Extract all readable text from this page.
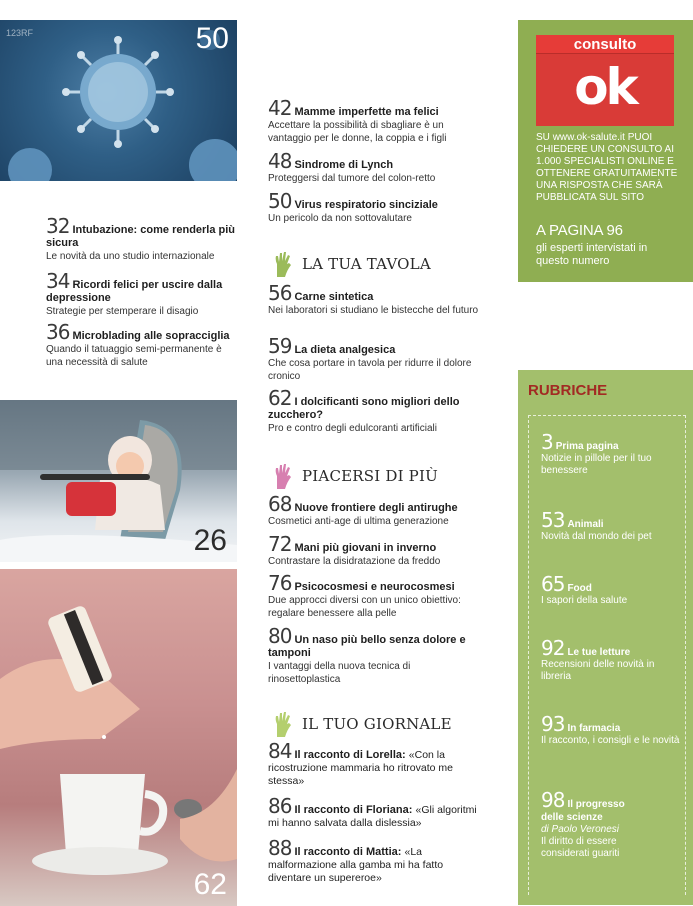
123RF	50
26
62
32 Intubazione: come renderla più sicura
Le novità da uno studio internazionale
34 Ricordi felici per uscire dalla depressione
Strategie per stemperare il disagio
36 Microblading alle sopracciglia
Quando il tatuaggio semi-permanente è una necessità di salute
42 Mamme imperfette ma felici
Accettare la possibilità di sbagliare è un vantaggio per le donne, la coppia e i figli
48 Sindrome di Lynch
Proteggersi dal tumore del colon-retto
50 Virus respiratorio sinciziale
Un pericolo da non sottovalutare
LA TUA TAVOLA
56 Carne sintetica
Nei laboratori si studiano le bistecche del futuro
59 La dieta analgesica
Che cosa portare in tavola per ridurre il dolore cronico
62 I dolcificanti sono migliori dello zucchero?
Pro e contro degli edulcoranti artificiali
PIACERSI DI PIÙ
68 Nuove frontiere degli antirughe
Cosmetici anti-age di ultima generazione
72 Mani più giovani in inverno
Contrastare la disidratazione da freddo
76 Psicocosmesi e neurocosmesi
Due approcci diversi con un unico obiettivo: regalare benessere alla pelle
80 Un naso più bello senza dolore e tamponi
I vantaggi della nuova tecnica di rinosettoplastica
IL TUO GIORNALE
84 Il racconto di Lorella: «Con la ricostruzione mammaria ho ritrovato me stessa»
86 Il racconto di Floriana: «Gli algoritmi mi hanno salvata dalla dislessia»
88 Il racconto di Mattia: «La malformazione alla gamba mi ha fatto diventare un supereroe»
consulto
ok
SU www.ok-salute.it PUOI CHIEDERE UN CONSULTO AI 1.000 SPECIALISTI ONLINE E OTTENERE GRATUITAMENTE UNA RISPOSTA CHE SARÀ PUBBLICATA SUL SITO
A PAGINA 96
gli esperti intervistati in questo numero
RUBRICHE
3 Prima pagina
Notizie in pillole per il tuo benessere
53 Animali
Novità dal mondo dei pet
65 Food
I sapori della salute
92 Le tue letture
Recensioni delle novità in libreria
93 In farmacia
Il racconto, i consigli e le novità
98 Il progresso delle scienze
di Paolo Veronesi
Il diritto di essere considerati guariti
